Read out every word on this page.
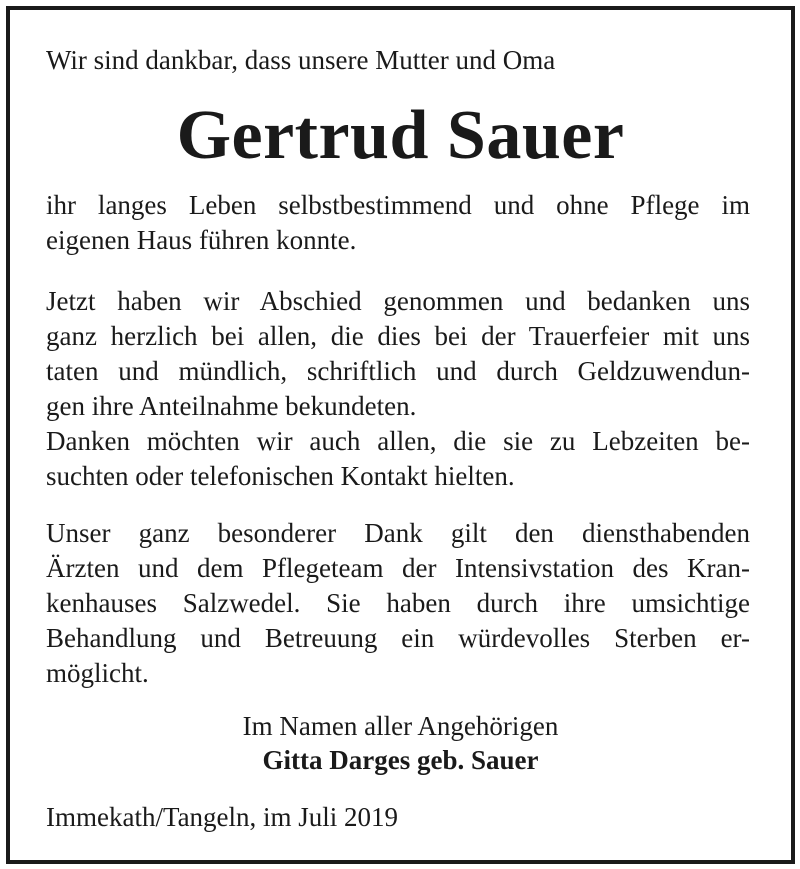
Wir sind dankbar, dass unsere Mutter und Oma
Gertrud Sauer
ihr langes Leben selbstbestimmend und ohne Pflege im
eigenen Haus führen konnte.
Jetzt haben wir Abschied genommen und bedanken uns
ganz herzlich bei allen, die dies bei der Trauerfeier mit uns
taten und mündlich, schriftlich und durch Geldzuwendun-
gen ihre Anteilnahme bekundeten.
Danken möchten wir auch allen, die sie zu Lebzeiten be-
suchten oder telefonischen Kontakt hielten.
Unser ganz besonderer Dank gilt den diensthabenden
Ärzten und dem Pflegeteam der Intensivstation des Kran-
kenhauses Salzwedel. Sie haben durch ihre umsichtige
Behandlung und Betreuung ein würdevolles Sterben er-
möglicht.
Im Namen aller Angehörigen
Gitta Darges geb. Sauer
Immekath/Tangeln, im Juli 2019
